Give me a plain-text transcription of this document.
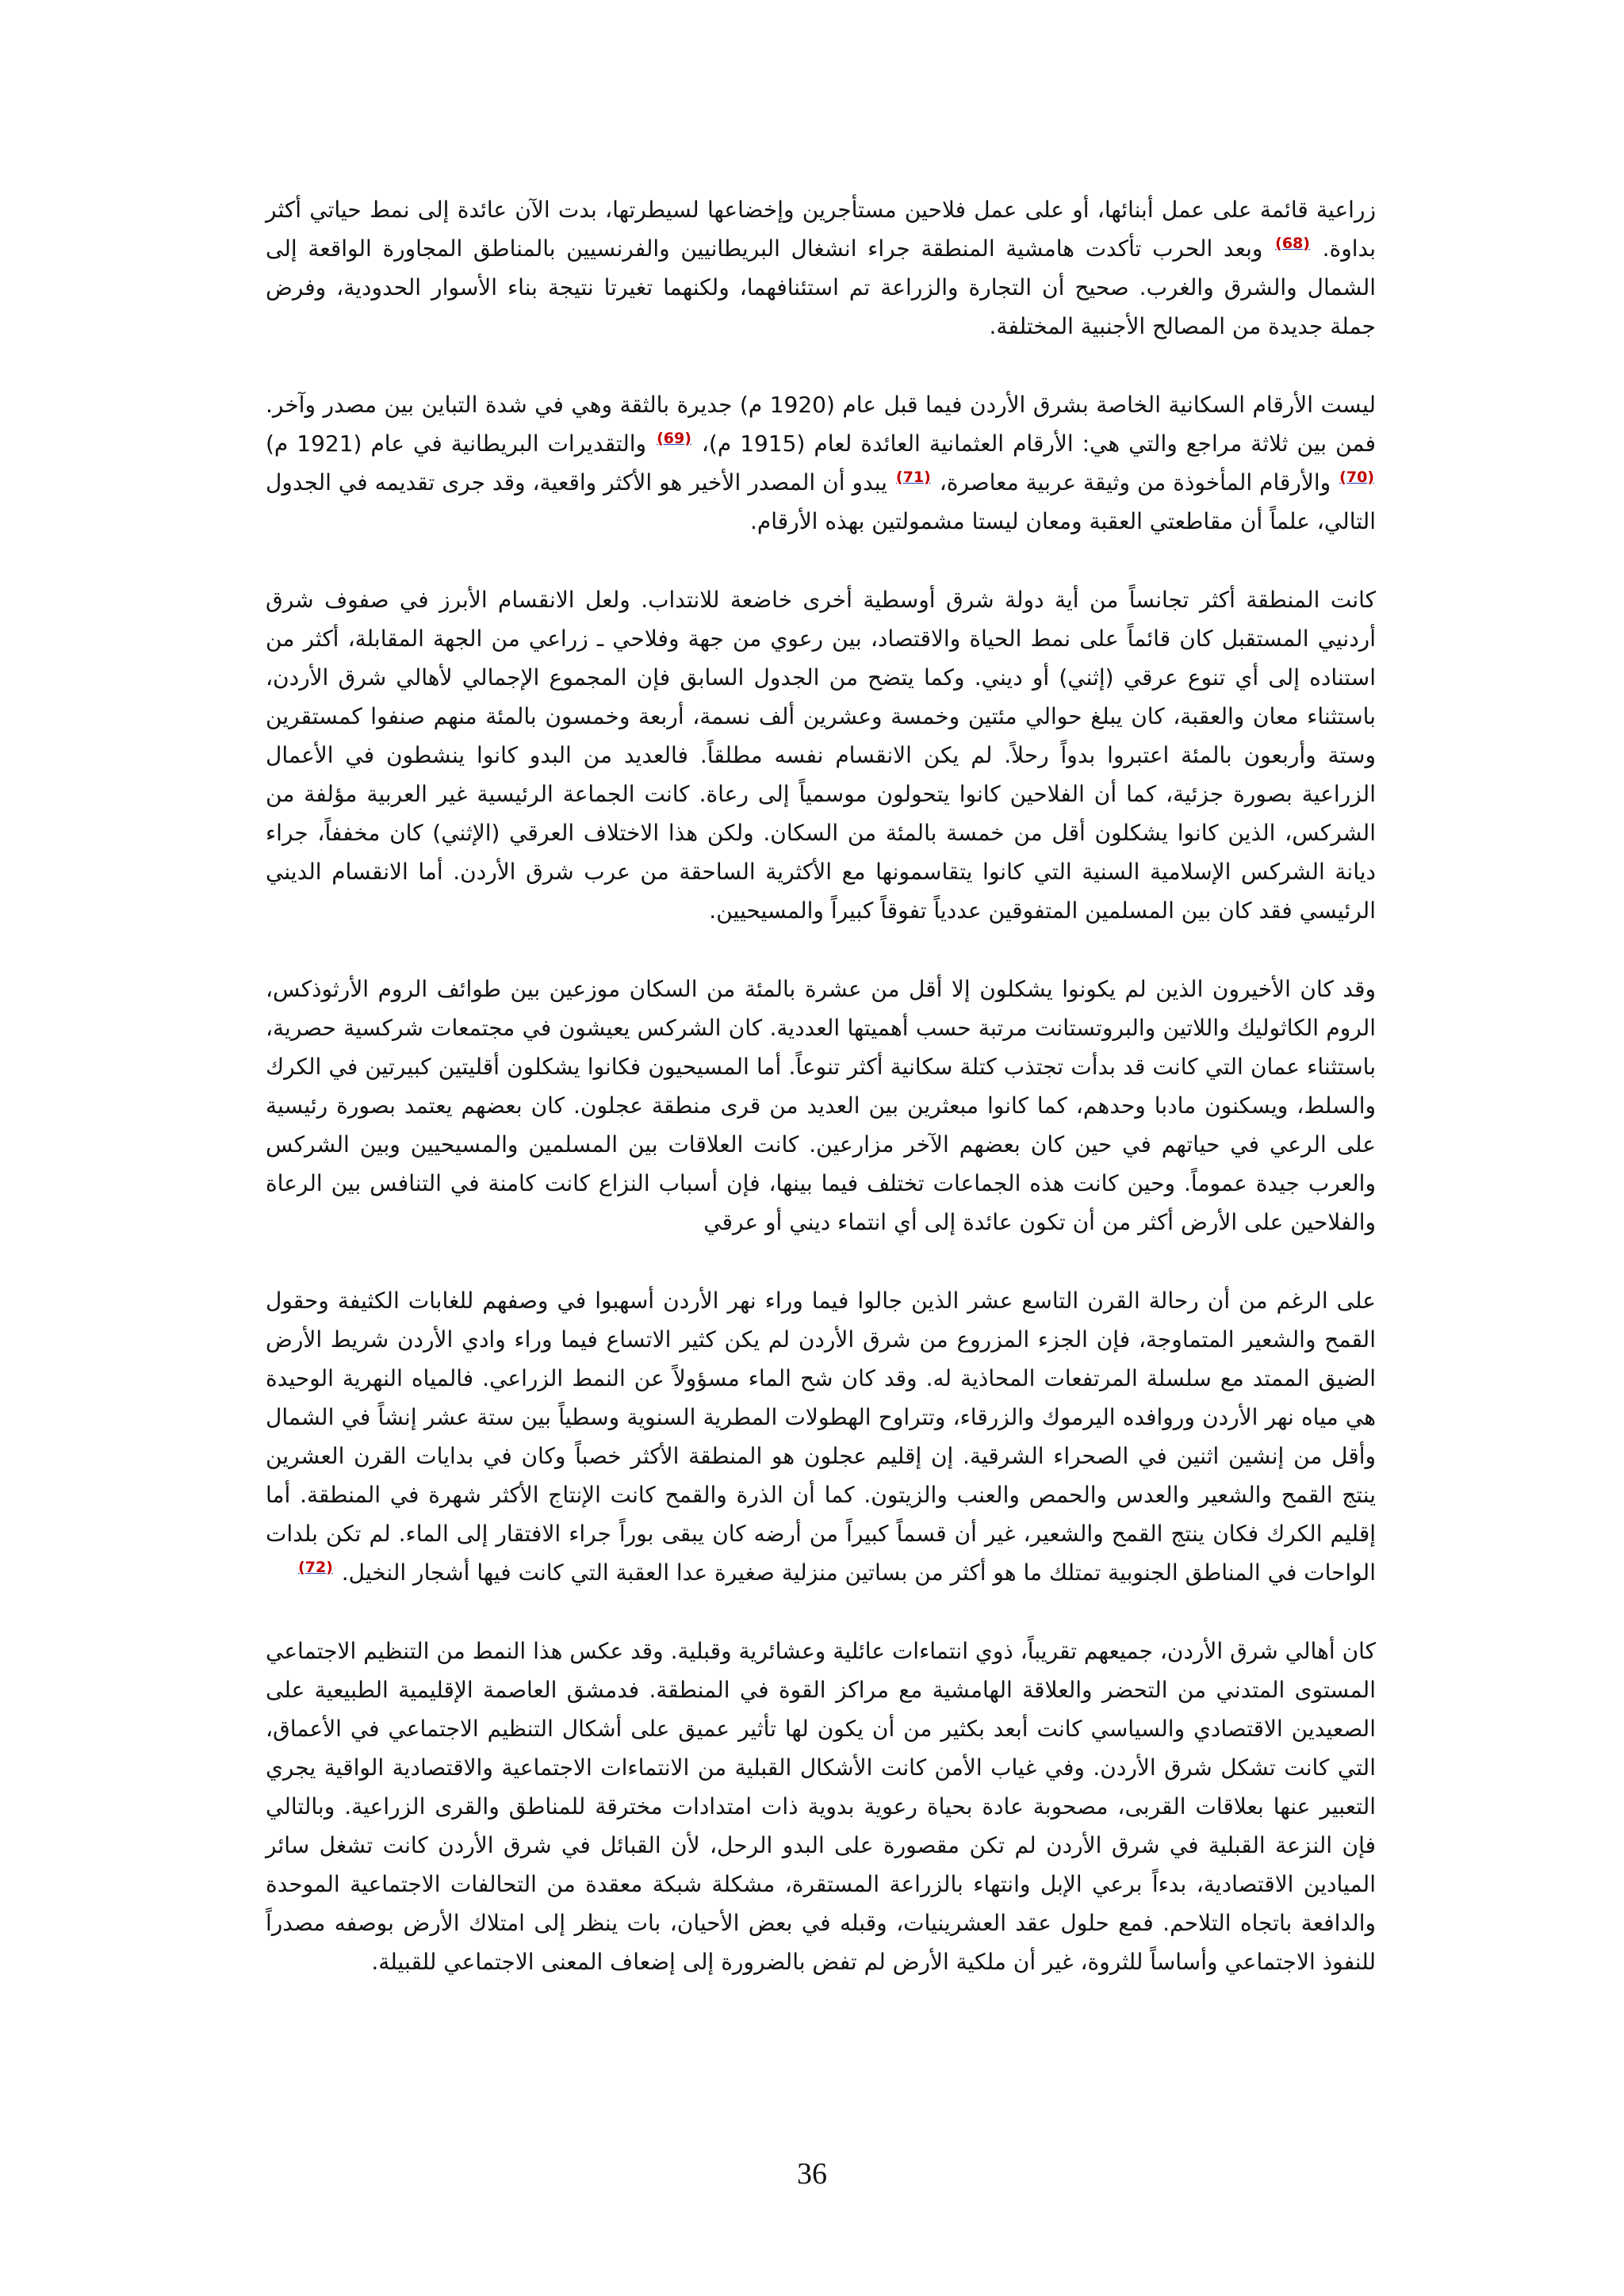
زراعية قائمة على عمل أبنائها، أو على عمل فلاحين مستأجرين وإخضاعها لسيطرتها، بدت الآن عائدة إلى نمط حياتي أكثر بداوة. $^{(68)}$ وبعد الحرب تأكدت هامشية المنطقة جراء انشغال البريطانيين والفرنسيين بالمناطق المجاورة الواقعة إلى الشمال والشرق والغرب. صحيح أن التجارة والزراعة تم استئنافهما، ولكنهما تغيرتا نتيجة بناء الأسوار الحدودية، وفرض جملة جديدة من المصالح الأجنبية المختلفة.

ليست الأرقام السكانية الخاصة بشرق الأردن فيما قبل عام (1920 م) جديرة بالثقة وهي في شدة التباين بين مصدر وآخر. فمن بين ثلاثة مراجع والتي هي: الأرقام العثمانية العائدة لعام (1915 م)، $^{(69)}$ والتقديرات البريطانية في عام (1921 م) $^{(70)}$ والأرقام المأخوذة من وثيقة عربية معاصرة، $^{(71)}$ يبدو أن المصدر الأخير هو الأكثر واقعية، وقد جرى تقديمه في الجدول التالي، علماً أن مقاطعتي العقبة ومعان ليستا مشمولتين بهذه الأرقام.

كانت المنطقة أكثر تجانساً من أية دولة شرق أوسطية أخرى خاضعة للانتداب. ولعل الانقسام الأبرز في صفوف شرق أردنيي المستقبل كان قائماً على نمط الحياة والاقتصاد، بين رعوي من جهة وفلاحي ـ زراعي من الجهة المقابلة، أكثر من استناده إلى أي تنوع عرقي (إثني) أو ديني. وكما يتضح من الجدول السابق فإن المجموع الإجمالي لأهالي شرق الأردن، باستثناء معان والعقبة، كان يبلغ حوالي مئتين وخمسة وعشرين ألف نسمة، أربعة وخمسون بالمئة منهم صنفوا كمستقرين وستة وأربعون بالمئة اعتبروا بدواً رحلاً. لم يكن الانقسام نفسه مطلقاً. فالعديد من البدو كانوا ينشطون في الأعمال الزراعية بصورة جزئية، كما أن الفلاحين كانوا يتحولون موسمياً إلى رعاة. كانت الجماعة الرئيسية غير العربية مؤلفة من الشركس، الذين كانوا يشكلون أقل من خمسة بالمئة من السكان. ولكن هذا الاختلاف العرقي (الإثني) كان مخففاً، جراء ديانة الشركس الإسلامية السنية التي كانوا يتقاسمونها مع الأكثرية الساحقة من عرب شرق الأردن. أما الانقسام الديني الرئيسي فقد كان بين المسلمين المتفوقين عددياً تفوقاً كبيراً والمسيحيين.

وقد كان الأخيرون الذين لم يكونوا يشكلون إلا أقل من عشرة بالمئة من السكان موزعين بين طوائف الروم الأرثوذكس، الروم الكاثوليك واللاتين والبروتستانت مرتبة حسب أهميتها العددية. كان الشركس يعيشون في مجتمعات شركسية حصرية، باستثناء عمان التي كانت قد بدأت تجتذب كتلة سكانية أكثر تنوعاً. أما المسيحيون فكانوا يشكلون أقليتين كبيرتين في الكرك والسلط، ويسكنون مادبا وحدهم، كما كانوا مبعثرين بين العديد من قرى منطقة عجلون. كان بعضهم يعتمد بصورة رئيسية على الرعي في حياتهم في حين كان بعضهم الآخر مزارعين. كانت العلاقات بين المسلمين والمسيحيين وبين الشركس والعرب جيدة عموماً. وحين كانت هذه الجماعات تختلف فيما بينها، فإن أسباب النزاع كانت كامنة في التنافس بين الرعاة والفلاحين على الأرض أكثر من أن تكون عائدة إلى أي انتماء ديني أو عرقي

على الرغم من أن رحالة القرن التاسع عشر الذين جالوا فيما وراء نهر الأردن أسهبوا في وصفهم للغابات الكثيفة وحقول القمح والشعير المتماوجة، فإن الجزء المزروع من شرق الأردن لم يكن كثير الاتساع فيما وراء وادي الأردن شريط الأرض الضيق الممتد مع سلسلة المرتفعات المحاذية له. وقد كان شح الماء مسؤولاً عن النمط الزراعي. فالمياه النهرية الوحيدة هي مياه نهر الأردن وروافده اليرموك والزرقاء، وتتراوح الهطولات المطرية السنوية وسطياً بين ستة عشر إنشاً في الشمال وأقل من إنشين اثنين في الصحراء الشرقية. إن إقليم عجلون هو المنطقة الأكثر خصباً وكان في بدايات القرن العشرين ينتج القمح والشعير والعدس والحمص والعنب والزيتون. كما أن الذرة والقمح كانت الإنتاج الأكثر شهرة في المنطقة. أما إقليم الكرك فكان ينتج القمح والشعير، غير أن قسماً كبيراً من أرضه كان يبقى بوراً جراء الافتقار إلى الماء. لم تكن بلدات الواحات في المناطق الجنوبية تمتلك ما هو أكثر من بساتين منزلية صغيرة عدا العقبة التي كانت فيها أشجار النخيل. $^{(72)}$

كان أهالي شرق الأردن، جميعهم تقريباً، ذوي انتماءات عائلية وعشائرية وقبلية. وقد عكس هذا النمط من التنظيم الاجتماعي المستوى المتدني من التحضر والعلاقة الهامشية مع مراكز القوة في المنطقة. فدمشق العاصمة الإقليمية الطبيعية على الصعيدين الاقتصادي والسياسي كانت أبعد بكثير من أن يكون لها تأثير عميق على أشكال التنظيم الاجتماعي في الأعماق، التي كانت تشكل شرق الأردن. وفي غياب الأمن كانت الأشكال القبلية من الانتماءات الاجتماعية والاقتصادية الواقية يجري التعبير عنها بعلاقات القربى، مصحوبة عادة بحياة رعوية بدوية ذات امتدادات مخترقة للمناطق والقرى الزراعية. وبالتالي فإن النزعة القبلية في شرق الأردن لم تكن مقصورة على البدو الرحل، لأن القبائل في شرق الأردن كانت تشغل سائر الميادين الاقتصادية، بدءاً برعي الإبل وانتهاء بالزراعة المستقرة، مشكلة شبكة معقدة من التحالفات الاجتماعية الموحدة والدافعة باتجاه التلاحم. فمع حلول عقد العشرينيات، وقبله في بعض الأحيان، بات ينظر إلى امتلاك الأرض بوصفه مصدراً للنفوذ الاجتماعي وأساساً للثروة، غير أن ملكية الأرض لم تفض بالضرورة إلى إضعاف المعنى الاجتماعي للقبيلة.

36
